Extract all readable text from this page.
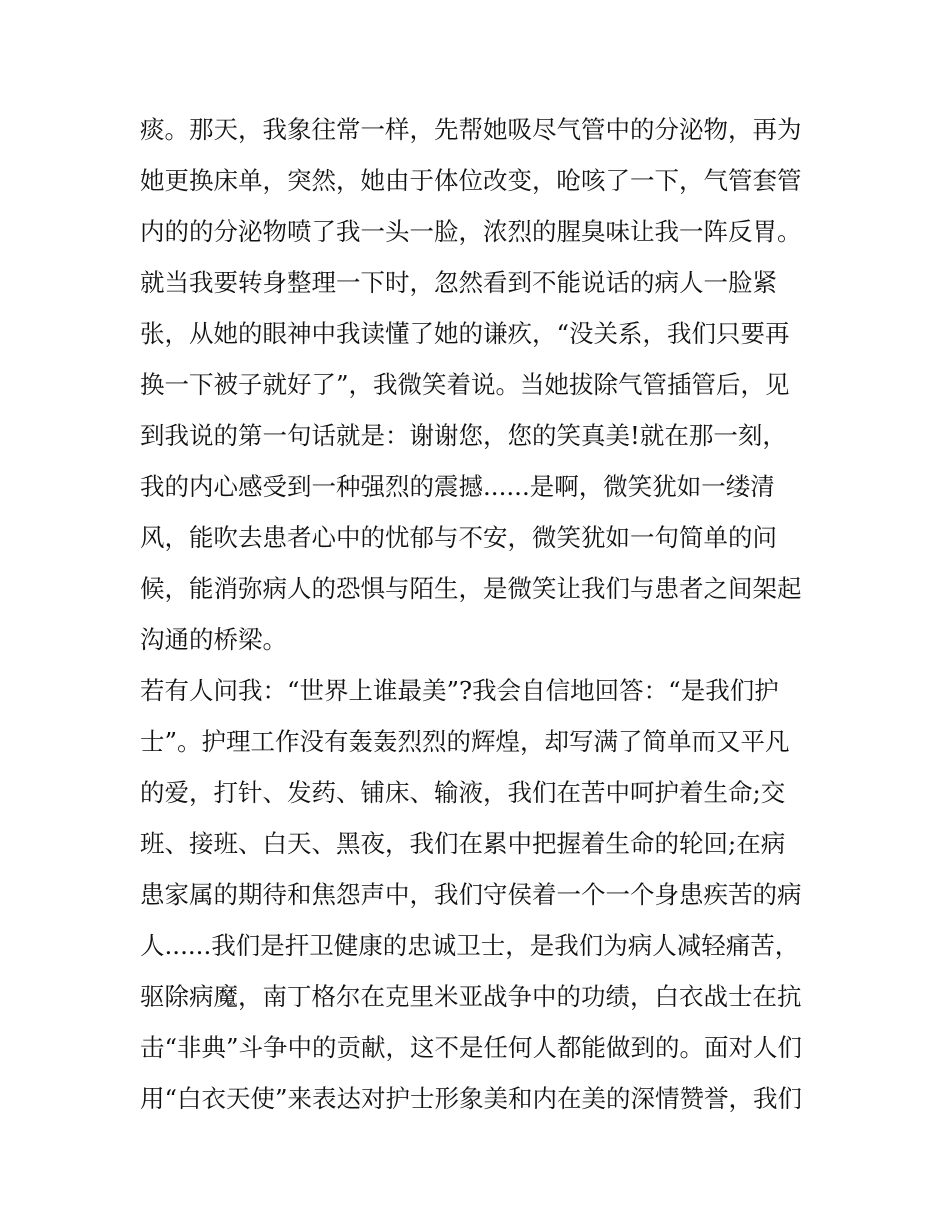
痰。那天，我象往常一样，先帮她吸尽气管中的分泌物，再为
她更换床单，突然，她由于体位改变，呛咳了一下，气管套管
内的的分泌物喷了我一头一脸，浓烈的腥臭味让我一阵反胃。
就当我要转身整理一下时，忽然看到不能说话的病人一脸紧
张，从她的眼神中我读懂了她的谦疚，“没关系，我们只要再
换一下被子就好了”，我微笑着说。当她拔除气管插管后，见
到我说的第一句话就是：谢谢您，您的笑真美!就在那一刻，
我的内心感受到一种强烈的震撼......是啊，微笑犹如一缕清
风，能吹去患者心中的忧郁与不安，微笑犹如一句简单的问
候，能消弥病人的恐惧与陌生，是微笑让我们与患者之间架起
沟通的桥梁。
若有人问我：“世界上谁最美”?我会自信地回答：“是我们护
士”。护理工作没有轰轰烈烈的辉煌，却写满了简单而又平凡
的爱，打针、发药、铺床、输液，我们在苦中呵护着生命;交
班、接班、白天、黑夜，我们在累中把握着生命的轮回;在病
患家属的期待和焦怨声中，我们守侯着一个一个身患疾苦的病
人......我们是扞卫健康的忠诚卫士，是我们为病人减轻痛苦，
驱除病魔，南丁格尔在克里米亚战争中的功绩，白衣战士在抗
击“非典”斗争中的贡献，这不是任何人都能做到的。面对人们
用“白衣天使”来表达对护士形象美和内在美的深情赞誉，我们
